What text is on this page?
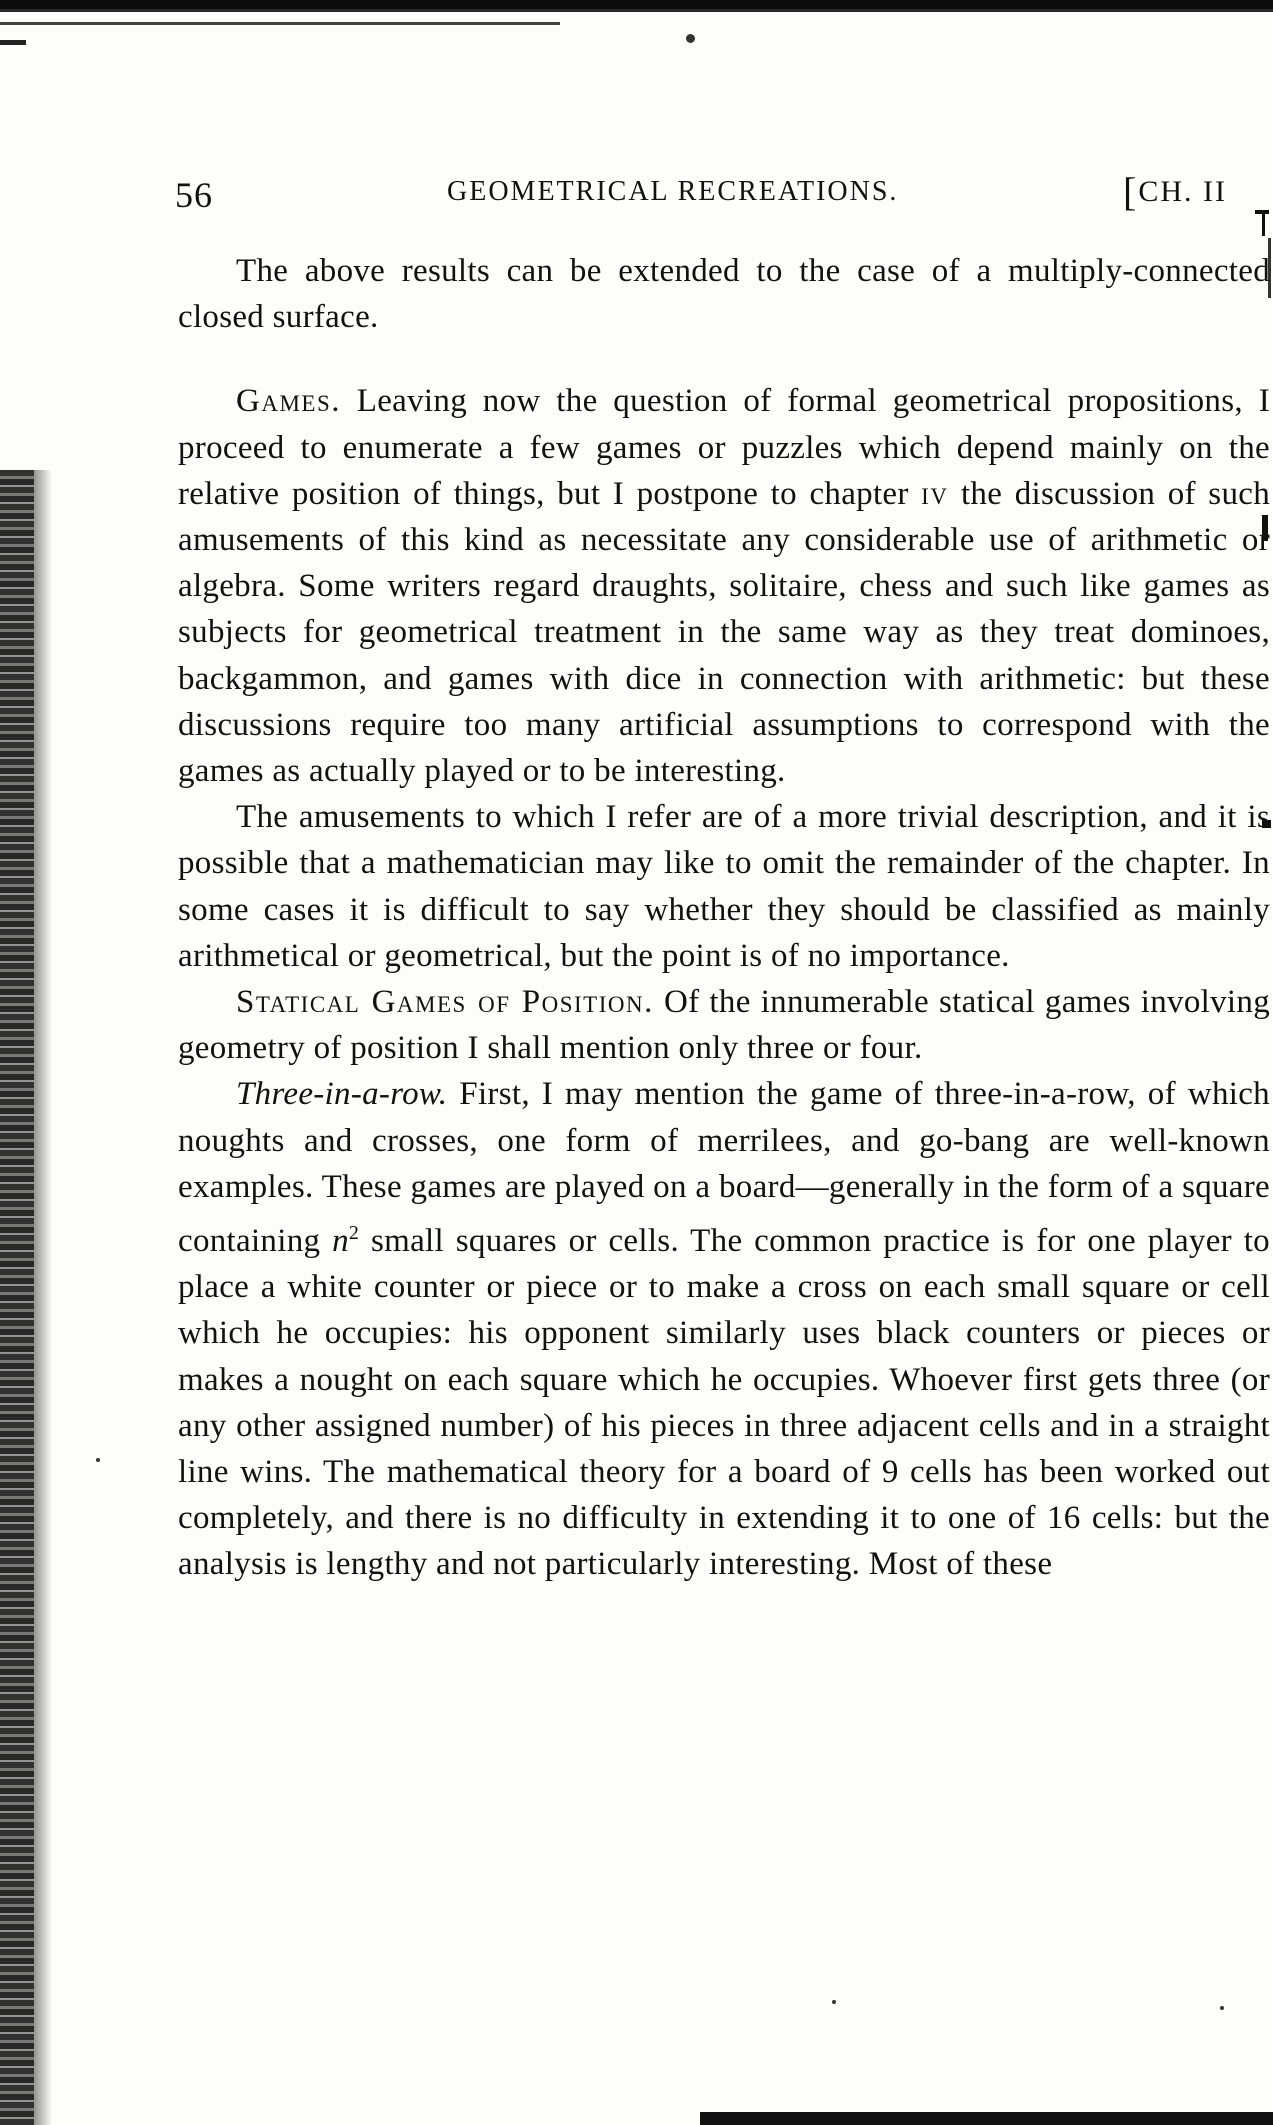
56	GEOMETRICAL RECREATIONS.	[CH. II

The above results can be extended to the case of a multiply-connected closed surface.

Games. Leaving now the question of formal geometrical propositions, I proceed to enumerate a few games or puzzles which depend mainly on the relative position of things, but I postpone to chapter iv the discussion of such amusements of this kind as necessitate any considerable use of arithmetic or algebra. Some writers regard draughts, solitaire, chess and such like games as subjects for geometrical treatment in the same way as they treat dominoes, backgammon, and games with dice in connection with arithmetic: but these discussions require too many artificial assumptions to correspond with the games as actually played or to be interesting.

The amusements to which I refer are of a more trivial description, and it is possible that a mathematician may like to omit the remainder of the chapter. In some cases it is difficult to say whether they should be classified as mainly arithmetical or geometrical, but the point is of no importance.

Statical Games of Position. Of the innumerable statical games involving geometry of position I shall mention only three or four.

Three-in-a-row. First, I may mention the game of three-in-a-row, of which noughts and crosses, one form of merrilees, and go-bang are well-known examples. These games are played on a board—generally in the form of a square containing $n^2$ small squares or cells. The common practice is for one player to place a white counter or piece or to make a cross on each small square or cell which he occupies: his opponent similarly uses black counters or pieces or makes a nought on each square which he occupies. Whoever first gets three (or any other assigned number) of his pieces in three adjacent cells and in a straight line wins. The mathematical theory for a board of 9 cells has been worked out completely, and there is no difficulty in extending it to one of 16 cells: but the analysis is lengthy and not particularly interesting. Most of these
